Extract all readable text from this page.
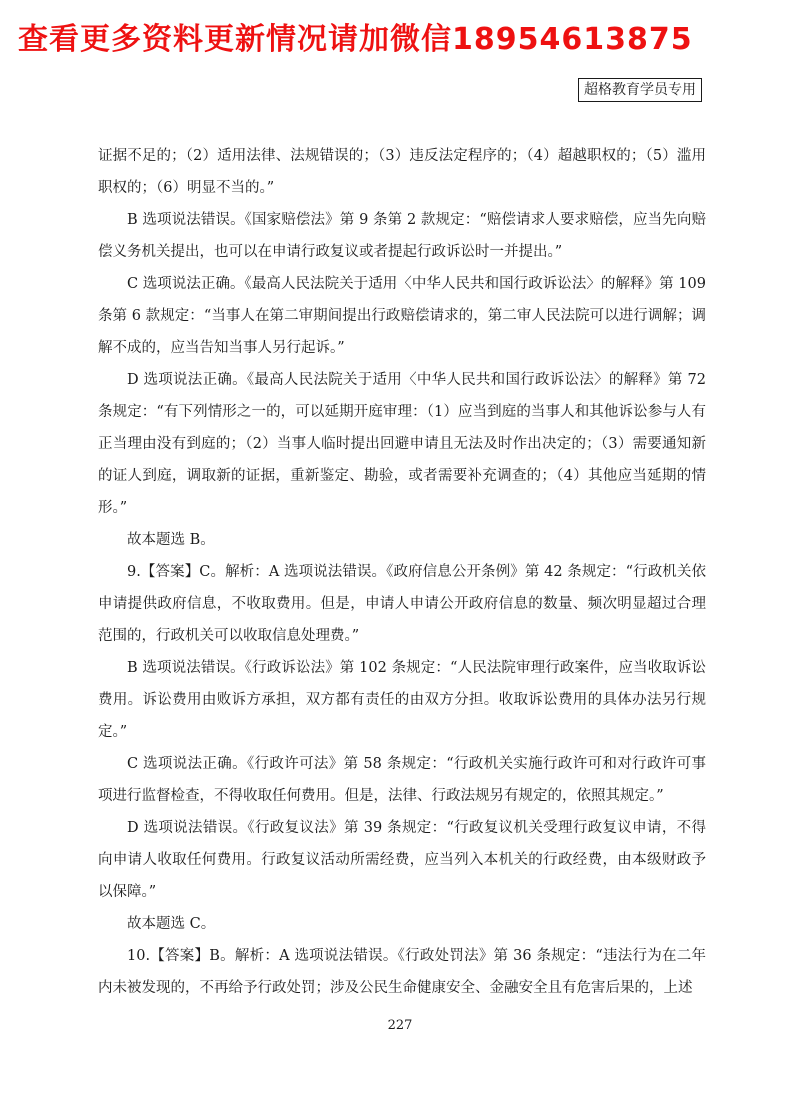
查看更多资料更新情况请加微信18954613875
超格教育学员专用

证据不足的；（2）适用法律、法规错误的；（3）违反法定程序的；（4）超越职权的；（5）滥用职权的；（6）明显不当的。”

B 选项说法错误。《国家赔偿法》第 9 条第 2 款规定：“赔偿请求人要求赔偿，应当先向赔偿义务机关提出，也可以在申请行政复议或者提起行政诉讼时一并提出。”

C 选项说法正确。《最高人民法院关于适用〈中华人民共和国行政诉讼法〉的解释》第 109 条第 6 款规定：“当事人在第二审期间提出行政赔偿请求的，第二审人民法院可以进行调解；调解不成的，应当告知当事人另行起诉。”

D 选项说法正确。《最高人民法院关于适用〈中华人民共和国行政诉讼法〉的解释》第 72 条规定：“有下列情形之一的，可以延期开庭审理：（1）应当到庭的当事人和其他诉讼参与人有正当理由没有到庭的；（2）当事人临时提出回避申请且无法及时作出决定的；（3）需要通知新的证人到庭，调取新的证据，重新鉴定、勘验，或者需要补充调查的；（4）其他应当延期的情形。”

故本题选 B。

9.【答案】C。解析：A 选项说法错误。《政府信息公开条例》第 42 条规定：“行政机关依申请提供政府信息，不收取费用。但是，申请人申请公开政府信息的数量、频次明显超过合理范围的，行政机关可以收取信息处理费。”

B 选项说法错误。《行政诉讼法》第 102 条规定：“人民法院审理行政案件，应当收取诉讼费用。诉讼费用由败诉方承担，双方都有责任的由双方分担。收取诉讼费用的具体办法另行规定。”

C 选项说法正确。《行政许可法》第 58 条规定：“行政机关实施行政许可和对行政许可事项进行监督检查，不得收取任何费用。但是，法律、行政法规另有规定的，依照其规定。”

D 选项说法错误。《行政复议法》第 39 条规定：“行政复议机关受理行政复议申请，不得向申请人收取任何费用。行政复议活动所需经费，应当列入本机关的行政经费，由本级财政予以保障。”

故本题选 C。

10.【答案】B。解析：A 选项说法错误。《行政处罚法》第 36 条规定：“违法行为在二年内未被发现的，不再给予行政处罚；涉及公民生命健康安全、金融安全且有危害后果的，上述

227
